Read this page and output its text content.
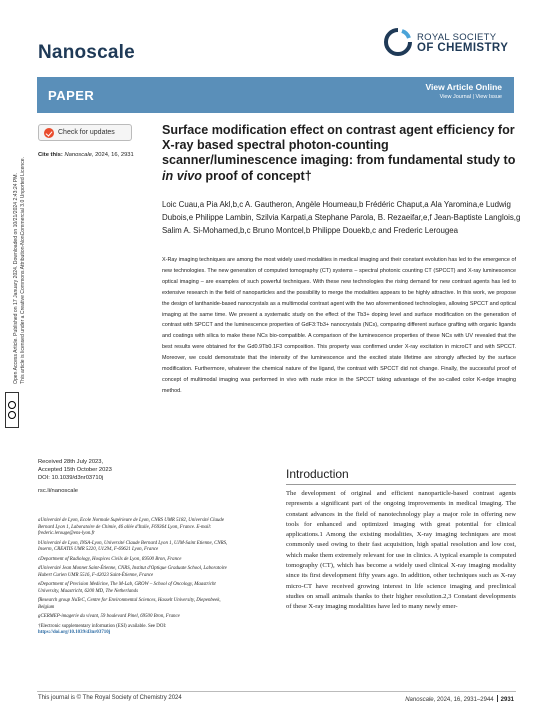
Open Access Article. Published on 17 January 2024. Downloaded on 10/21/2024 2:43:24 PM. This article is licensed under a Creative Commons Attribution-NonCommercial 3.0 Unported Licence.
Nanoscale
ROYAL SOCIETY
OF CHEMISTRY
PAPER
View Article Online
View Journal | View Issue
Check for updates
Cite this: Nanoscale, 2024, 16, 2931
Surface modification effect on contrast agent efficiency for X-ray based spectral photon-counting scanner/luminescence imaging: from fundamental study to in vivo proof of concept†
Loic Cuau,a Pia Akl,b,c A. Gautheron, Angèle Houmeau,b Frédéric Chaput,a Ala Yaromina,e Ludwig Dubois,e Philippe Lambin, Szilvia Karpati,a Stephane Parola, B. Rezaeifar,e,f Jean-Baptiste Langlois,g Salim A. Si-Mohamed,b,c Bruno Montcel,b Philippe Douekb,c and Frederic Lerougea
X-Ray imaging techniques are among the most widely used modalities in medical imaging and their constant evolution has led to the emergence of new technologies. The new generation of computed tomography (CT) systems – spectral photonic counting CT (SPCCT) and X-ray luminescence optical imaging – are examples of such powerful techniques. With these new technologies the rising demand for new contrast agents has led to extensive research in the field of nanoparticles and the possibility to merge the modalities appears to be highly attractive. In this work, we propose the design of lanthanide-based nanocrystals as a multimodal contrast agent with the two aforementioned technologies, allowing SPCCT and optical imaging at the same time. We present a systematic study on the effect of the Tb3+ doping level and surface modification on the generation of contrast with SPCCT and the luminescence properties of GdF3:Tb3+ nanocrystals (NCs), comparing different surface grafting with organic ligands and coatings with silica to make these NCs bio-compatible. A comparison of the luminescence properties of these NCs with UV revealed that the best results were obtained for the Gd0.9Tb0.1F3 composition. This property was confirmed under X-ray excitation in microCT and with SPCCT. Moreover, we could demonstrate that the intensity of the luminescence and the excited state lifetime are strongly affected by the surface modification. Furthermore, whatever the chemical nature of the ligand, the contrast with SPCCT did not change. Finally, the successful proof of concept of multimodal imaging was performed in vivo with nude mice in the SPCCT taking advantage of the so-called color K-edge imaging method.
Received 28th July 2023,
Accepted 15th October 2023
DOI: 10.1039/d3nr03710j
rsc.li/nanoscale
Introduction
The development of original and efficient nanoparticle-based contrast agents represents a significant part of the ongoing improvements in medical imaging. The constant advances in the field of nanotechnology play a major role in offering new tools for enhanced and optimized imaging with great potential for clinical applications.1 Among the existing modalities, X-ray imaging techniques are most commonly used owing to their fast acquisition, high spatial resolution and low cost, which make them extremely relevant for use in clinics. A typical example is computed tomography (CT), which has become a widely used clinical X-ray imaging modality since its first development fifty years ago. In addition, other techniques such as X-ray micro-CT have received growing interest in life science imaging and preclinical studies on small animals thanks to their higher resolution.2,3 Constant developments of these X-ray imaging modalities have led to many newly emer-
aUniversité de Lyon, Ecole Normale Supérieure de Lyon, CNRS UMR 5182, Université Claude Bernard Lyon 1, Laboratoire de Chimie, 46 allée d'Italie, F69364 Lyon, France. E-mail: frederic.lerouge@ens-lyon.fr
bUniversité de Lyon, INSA-Lyon, Université Claude Bernard Lyon 1, UJM-Saint Etienne, CNRS, Inserm, CREATIS UMR 5220, U1294, F-69621 Lyon, France
cDepartment of Radiology, Hospices Civils de Lyon, 69500 Bron, France
dUniversité Jean Monnet Saint-Étienne, CNRS, Institut d'Optique Graduate School, Laboratoire Hubert Curien UMR 5516, F-42023 Saint-Étienne, France
eDepartment of Precision Medicine, The M-Lab, GROW – School of Oncology, Maastricht University, Maastricht, 6200 MD, The Netherlands
fResearch group NuTeC, Centre for Environmental Sciences, Hasselt University, Diepenbeek, Belgium
gCERMEP-imagerie du vivant, 59 boulevard Pinel, 69500 Bron, France
†Electronic supplementary information (ESI) available. See DOI: https://doi.org/10.1039/d3nr03710j
This journal is © The Royal Society of Chemistry 2024	Nanoscale, 2024, 16, 2931–2944 2931
